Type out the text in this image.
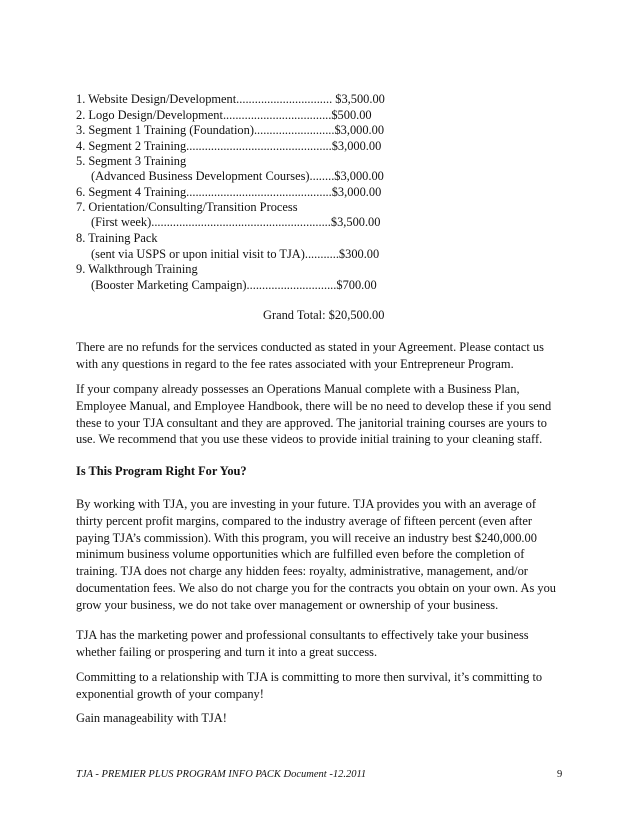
1. Website Design/Development............................... $3,500.00
2. Logo Design/Development...................................$500.00
3. Segment 1 Training (Foundation)..........................$3,000.00
4. Segment 2 Training...............................................$3,000.00
5. Segment 3 Training
(Advanced Business Development Courses)........$3,000.00
6. Segment 4 Training...............................................$3,000.00
7. Orientation/Consulting/Transition Process
(First week)..........................................................$3,500.00
8. Training Pack
(sent via USPS or upon initial visit to TJA)...........$300.00
9. Walkthrough Training
(Booster Marketing Campaign).............................$700.00
Grand Total: $20,500.00
There are no refunds for the services conducted as stated in your Agreement. Please contact us
with any questions in regard to the fee rates associated with your Entrepreneur Program.
If your company already possesses an Operations Manual complete with a Business Plan,
Employee Manual, and Employee Handbook, there will be no need to develop these if you send
these to your TJA consultant and they are approved. The janitorial training courses are yours to
use. We recommend that you use these videos to provide initial training to your cleaning staff.
Is This Program Right For You?
By working with TJA, you are investing in your future. TJA provides you with an average of
thirty percent profit margins, compared to the industry average of fifteen percent (even after
paying TJA’s commission). With this program, you will receive an industry best $240,000.00
minimum business volume opportunities which are fulfilled even before the completion of
training. TJA does not charge any hidden fees: royalty, administrative, management, and/or
documentation fees. We also do not charge you for the contracts you obtain on your own. As you
grow your business, we do not take over management or ownership of your business.
TJA has the marketing power and professional consultants to effectively take your business
whether failing or prospering and turn it into a great success.
Committing to a relationship with TJA is committing to more then survival, it’s committing to
exponential growth of your company!
Gain manageability with TJA!
TJA - PREMIER PLUS PROGRAM INFO PACK Document -12.2011	9
